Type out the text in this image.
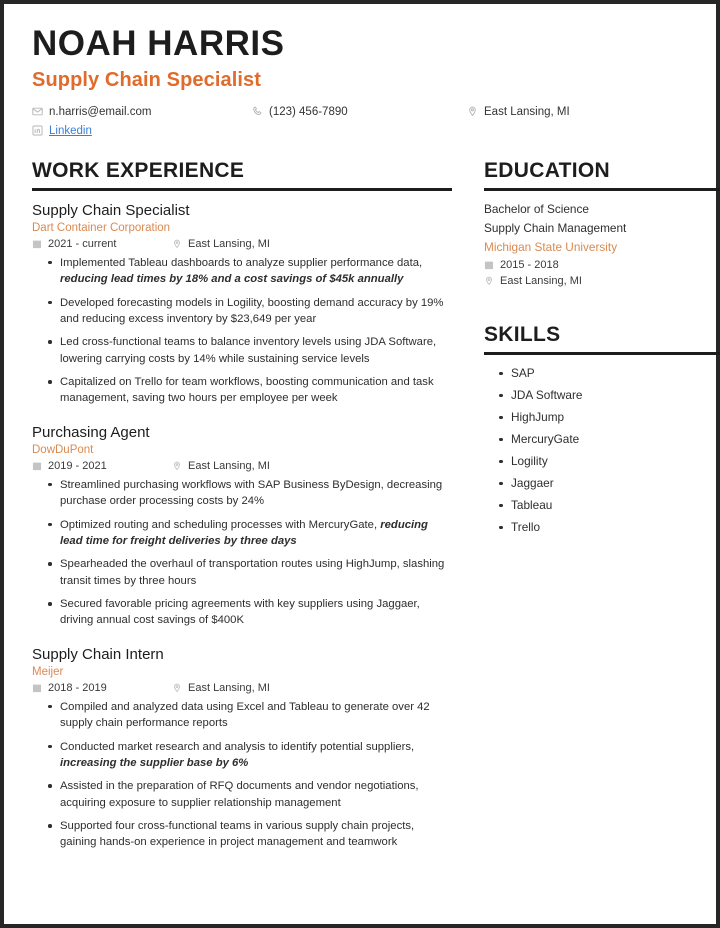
NOAH HARRIS
Supply Chain Specialist
n.harris@email.com	(123) 456-7890	East Lansing, MI
Linkedin
WORK EXPERIENCE
Supply Chain Specialist
Dart Container Corporation
2021 - current	East Lansing, MI
Implemented Tableau dashboards to analyze supplier performance data, reducing lead times by 18% and a cost savings of $45k annually
Developed forecasting models in Logility, boosting demand accuracy by 19% and reducing excess inventory by $23,649 per year
Led cross-functional teams to balance inventory levels using JDA Software, lowering carrying costs by 14% while sustaining service levels
Capitalized on Trello for team workflows, boosting communication and task management, saving two hours per employee per week
Purchasing Agent
DowDuPont
2019 - 2021	East Lansing, MI
Streamlined purchasing workflows with SAP Business ByDesign, decreasing purchase order processing costs by 24%
Optimized routing and scheduling processes with MercuryGate, reducing lead time for freight deliveries by three days
Spearheaded the overhaul of transportation routes using HighJump, slashing transit times by three hours
Secured favorable pricing agreements with key suppliers using Jaggaer, driving annual cost savings of $400K
Supply Chain Intern
Meijer
2018 - 2019	East Lansing, MI
Compiled and analyzed data using Excel and Tableau to generate over 42 supply chain performance reports
Conducted market research and analysis to identify potential suppliers, increasing the supplier base by 6%
Assisted in the preparation of RFQ documents and vendor negotiations, acquiring exposure to supplier relationship management
Supported four cross-functional teams in various supply chain projects, gaining hands-on experience in project management and teamwork
EDUCATION
Bachelor of Science
Supply Chain Management
Michigan State University
2015 - 2018
East Lansing, MI
SKILLS
SAP
JDA Software
HighJump
MercuryGate
Logility
Jaggaer
Tableau
Trello
